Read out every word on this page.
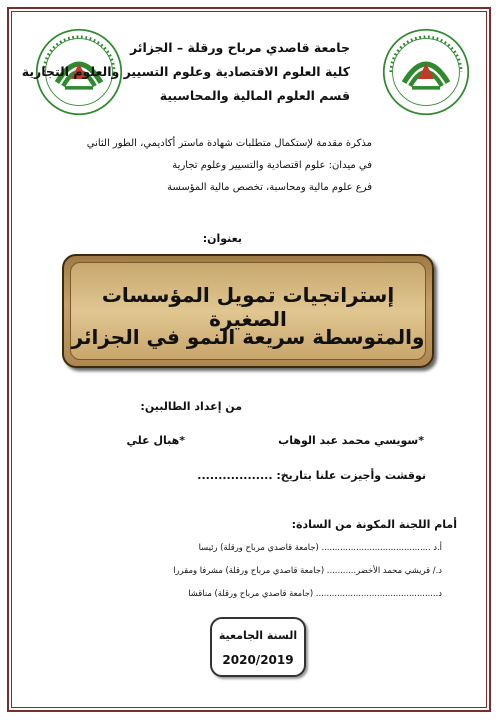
جامعة قاصدي مرباح ورقلة – الجزائر
كلية العلوم الاقتصادية وعلوم التسيير والعلوم التجارية
قسم العلوم المالية والمحاسبية
مذكرة مقدمة لإستكمال متطلبات شهادة ماستر أكاديمي، الطور الثاني
في ميدان: علوم اقتصادية والتسيير وعلوم تجارية
فرع علوم مالية ومحاسبة، تخصص مالية المؤسسة
بعنوان:
إستراتجيات تمويل المؤسسات الصغيرة
والمتوسطة سريعة النمو في الجزائر
من إعداد الطالبين:
*سويسي محمد عبد الوهاب
*هبال علي
نوقشت وأجيزت علنا بتاريخ: ..................
أمام اللجنة المكونة من السادة:
أ.د ......................................... (جامعة قاصدي مرباح ورقلة) رئيسا
د./ قريشي محمد الأخضر........... (جامعة قاصدي مرباح ورقلة) مشرفا ومقررا
د.............................................. (جامعة قاصدي مرباح ورقلة) مناقشا
السنة الجامعية
2020/2019
